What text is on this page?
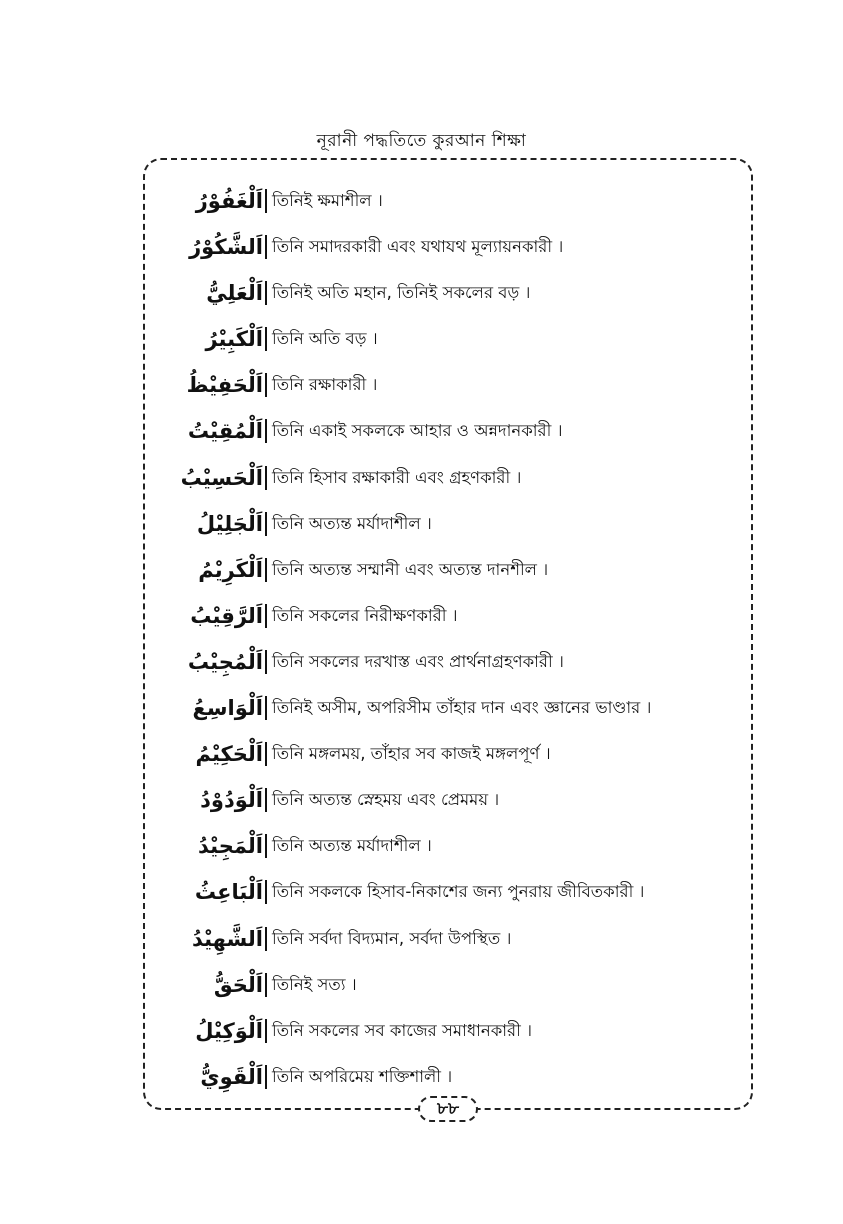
নূরানী পদ্ধতিতে কুরআন শিক্ষা
اَلْغَفُوْرُ তিনিই ক্ষমাশীল ।
اَلشَّكُوْرُ তিনি সমাদরকারী এবং যথাযথ মূল্যায়নকারী ।
اَلْعَلِيُّ তিনিই অতি মহান, তিনিই সকলের বড় ।
اَلْكَبِيْرُ তিনি অতি বড় ।
اَلْحَفِيْظُ তিনি রক্ষাকারী ।
اَلْمُقِيْتُ তিনি একাই সকলকে আহার ও অন্নদানকারী ।
اَلْحَسِيْبُ তিনি হিসাব রক্ষাকারী এবং গ্রহণকারী ।
اَلْجَلِيْلُ তিনি অত্যন্ত মর্যাদাশীল ।
اَلْكَرِيْمُ তিনি অত্যন্ত সম্মানী এবং অত্যন্ত দানশীল ।
اَلرَّقِيْبُ তিনি সকলের নিরীক্ষণকারী ।
اَلْمُجِيْبُ তিনি সকলের দরখাস্ত এবং প্রার্থনাগ্রহণকারী ।
اَلْوَاسِعُ তিনিই অসীম, অপরিসীম তাঁহার দান এবং জ্ঞানের ভাণ্ডার ।
اَلْحَكِيْمُ তিনি মঙ্গলময়, তাঁহার সব কাজই মঙ্গলপূর্ণ ।
اَلْوَدُوْدُ তিনি অত্যন্ত স্নেহময় এবং প্রেমময় ।
اَلْمَجِيْدُ তিনি অত্যন্ত মর্যাদাশীল ।
اَلْبَاعِثُ তিনি সকলকে হিসাব-নিকাশের জন্য পুনরায় জীবিতকারী ।
اَلشَّهِيْدُ তিনি সর্বদা বিদ্যমান, সর্বদা উপস্থিত ।
اَلْحَقُّ তিনিই সত্য ।
اَلْوَكِيْلُ তিনি সকলের সব কাজের সমাধানকারী ।
اَلْقَوِيُّ তিনি অপরিমেয় শক্তিশালী ।
৮৮
